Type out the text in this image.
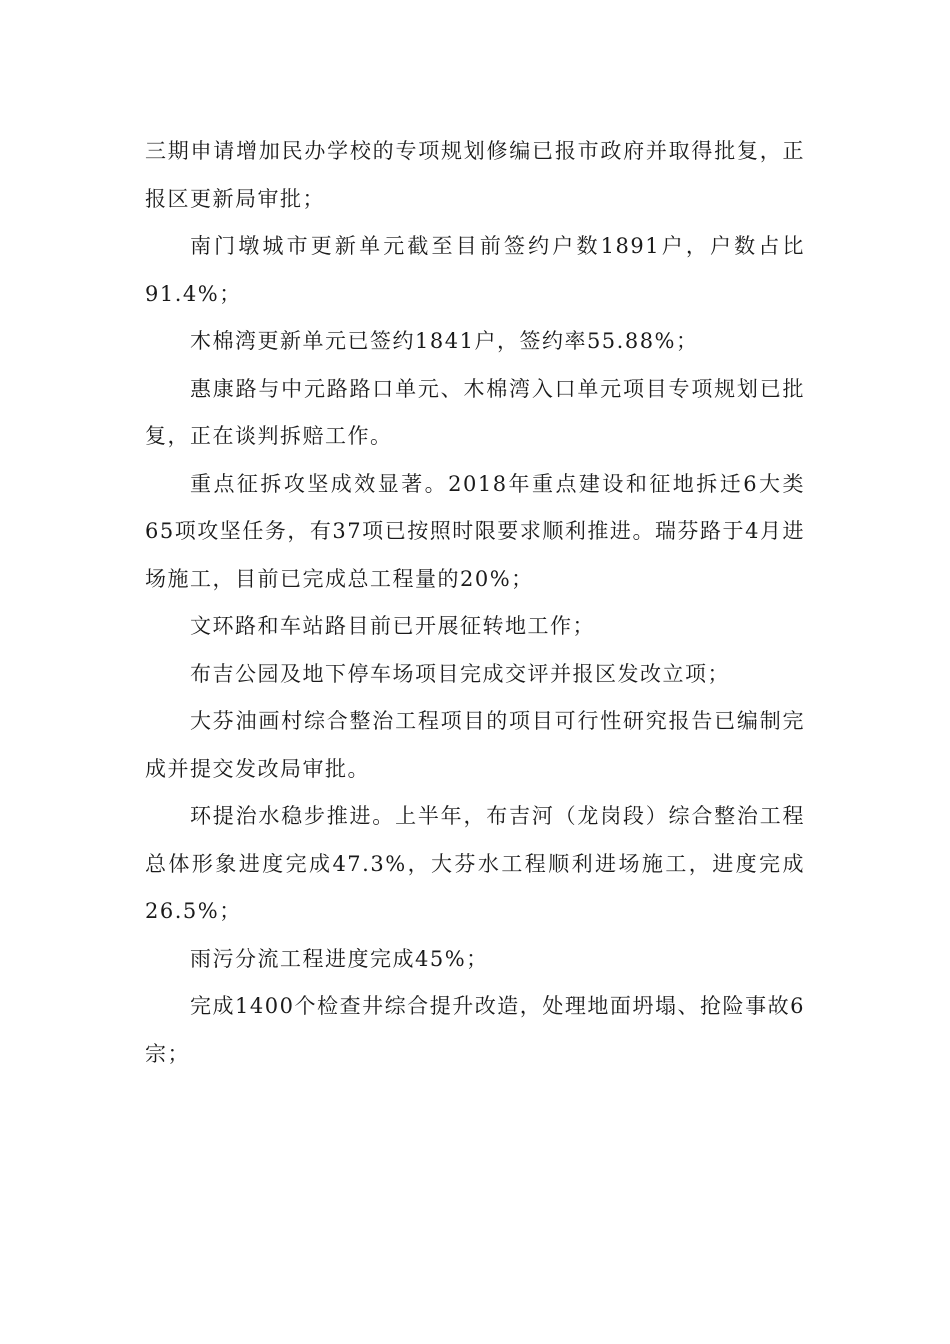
三期申请增加民办学校的专项规划修编已报市政府并取得批复，正报区更新局审批；

南门墩城市更新单元截至目前签约户数1891户，户数占比91.4%；

木棉湾更新单元已签约1841户，签约率55.88%；

惠康路与中元路路口单元、木棉湾入口单元项目专项规划已批复，正在谈判拆赔工作。

重点征拆攻坚成效显著。2018年重点建设和征地拆迁6大类65项攻坚任务，有37项已按照时限要求顺利推进。瑞芬路于4月进场施工，目前已完成总工程量的20%；

文环路和车站路目前已开展征转地工作；

布吉公园及地下停车场项目完成交评并报区发改立项；

大芬油画村综合整治工程项目的项目可行性研究报告已编制完成并提交发改局审批。

环提治水稳步推进。上半年，布吉河（龙岗段）综合整治工程总体形象进度完成47.3%，大芬水工程顺利进场施工，进度完成26.5%；

雨污分流工程进度完成45%；

完成1400个检查井综合提升改造，处理地面坍塌、抢险事故6宗；
